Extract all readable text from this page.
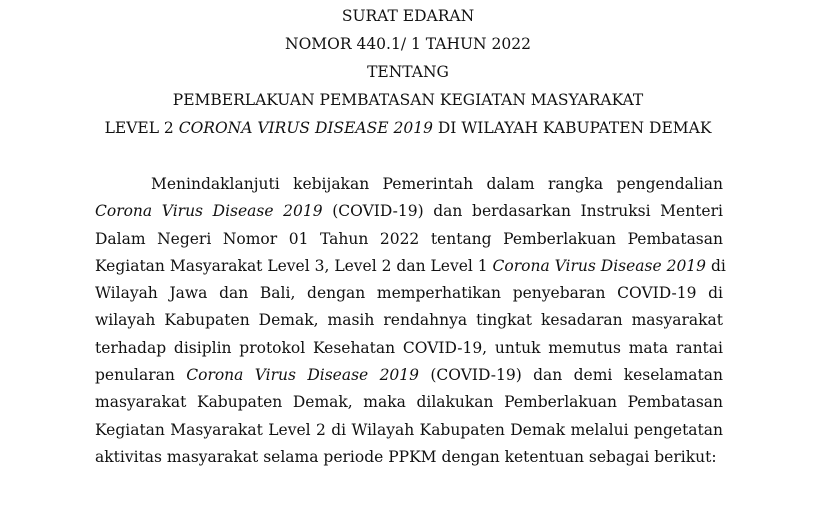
SURAT EDARAN
NOMOR 440.1/ 1 TAHUN 2022
TENTANG
PEMBERLAKUAN PEMBATASAN KEGIATAN MASYARAKAT
LEVEL 2 CORONA VIRUS DISEASE 2019 DI WILAYAH KABUPATEN DEMAK
Menindaklanjuti kebijakan Pemerintah dalam rangka pengendalian
Corona Virus Disease 2019 (COVID-19) dan berdasarkan Instruksi Menteri
Dalam Negeri Nomor 01 Tahun 2022 tentang Pemberlakuan Pembatasan
Kegiatan Masyarakat Level 3, Level 2 dan Level 1 Corona Virus Disease 2019 di
Wilayah Jawa dan Bali, dengan memperhatikan penyebaran COVID-19 di
wilayah Kabupaten Demak, masih rendahnya tingkat kesadaran masyarakat
terhadap disiplin protokol Kesehatan COVID-19, untuk memutus mata rantai
penularan Corona Virus Disease 2019 (COVID-19) dan demi keselamatan
masyarakat Kabupaten Demak, maka dilakukan Pemberlakuan Pembatasan
Kegiatan Masyarakat Level 2 di Wilayah Kabupaten Demak melalui pengetatan
aktivitas masyarakat selama periode PPKM dengan ketentuan sebagai berikut:
